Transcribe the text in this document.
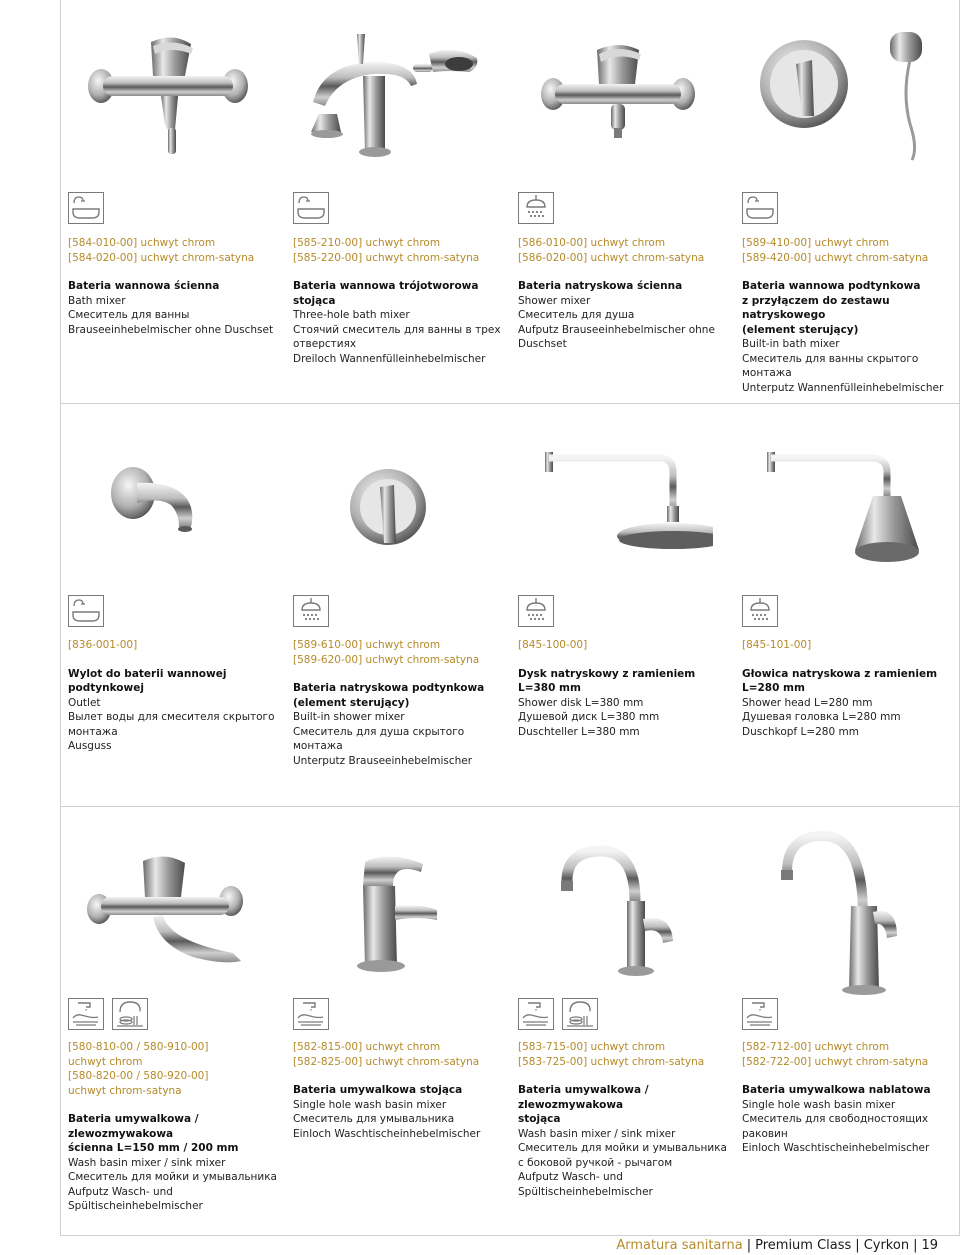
[584-010-00] uchwyt chrom
[584-020-00] uchwyt chrom-satyna
Bateria wannowa ścienna
Bath mixer
Смеситель для ванны
Brauseeinhebelmischer ohne Duschset
[585-210-00] uchwyt chrom
[585-220-00] uchwyt chrom-satyna
Bateria wannowa trójotworowa stojąca
Three-hole bath mixer
Стоячий смеситель для ванны в трех отверстиях
Dreiloch Wannenfülleinhebelmischer
[586-010-00] uchwyt chrom
[586-020-00] uchwyt chrom-satyna
Bateria natryskowa ścienna
Shower mixer
Смеситель для душа
Aufputz Brauseeinhebelmischer ohne Duschset
[589-410-00] uchwyt chrom
[589-420-00] uchwyt chrom-satyna
Bateria wannowa podtynkowa
z przyłączem do zestawu natryskowego
(element sterujący)
Built-in bath mixer
Смеситель для ванны скрытого монтажа
Unterputz Wannenfülleinhebelmischer
[836-001-00]
Wylot do baterii wannowej podtynkowej
Outlet
Вылет воды для смесителя скрытого монтажа
Ausguss
[589-610-00] uchwyt chrom
[589-620-00] uchwyt chrom-satyna
Bateria natryskowa podtynkowa
(element sterujący)
Built-in shower mixer
Смеситель для душа скрытого монтажа
Unterputz Brauseeinhebelmischer
[845-100-00]
Dysk natryskowy z ramieniem
L=380 mm
Shower disk L=380 mm
Душевой диск L=380 mm
Duschteller L=380 mm
[845-101-00]
Głowica natryskowa z ramieniem
L=280 mm
Shower head L=280 mm
Душевая головка L=280 mm
Duschkopf L=280 mm
[580-810-00 / 580-910-00]
uchwyt chrom
[580-820-00 / 580-920-00]
uchwyt chrom-satyna
Bateria umywalkowa / zlewozmywakowa
ścienna L=150 mm / 200 mm
Wash basin mixer / sink mixer
Смеситель для мойки и умывальника
Aufputz Wasch- und
Spültischeinhebelmischer
[582-815-00] uchwyt chrom
[582-825-00] uchwyt chrom-satyna
Bateria umywalkowa stojąca
Single hole wash basin mixer
Смеситель для умывальника
Einloch Waschtischeinhebelmischer
[583-715-00] uchwyt chrom
[583-725-00] uchwyt chrom-satyna
Bateria umywalkowa / zlewozmywakowa
stojąca
Wash basin mixer / sink mixer
Смеситель для мойки и умывальника
с боковой ручкой - рычагом
Aufputz Wasch- und
Spültischeinhebelmischer
[582-712-00] uchwyt chrom
[582-722-00] uchwyt chrom-satyna
Bateria umywalkowa nablatowa
Single hole wash basin mixer
Смеситель для свободностоящих раковин
Einloch Waschtischeinhebelmischer
Armatura sanitarna | Premium Class | Cyrkon | 19
